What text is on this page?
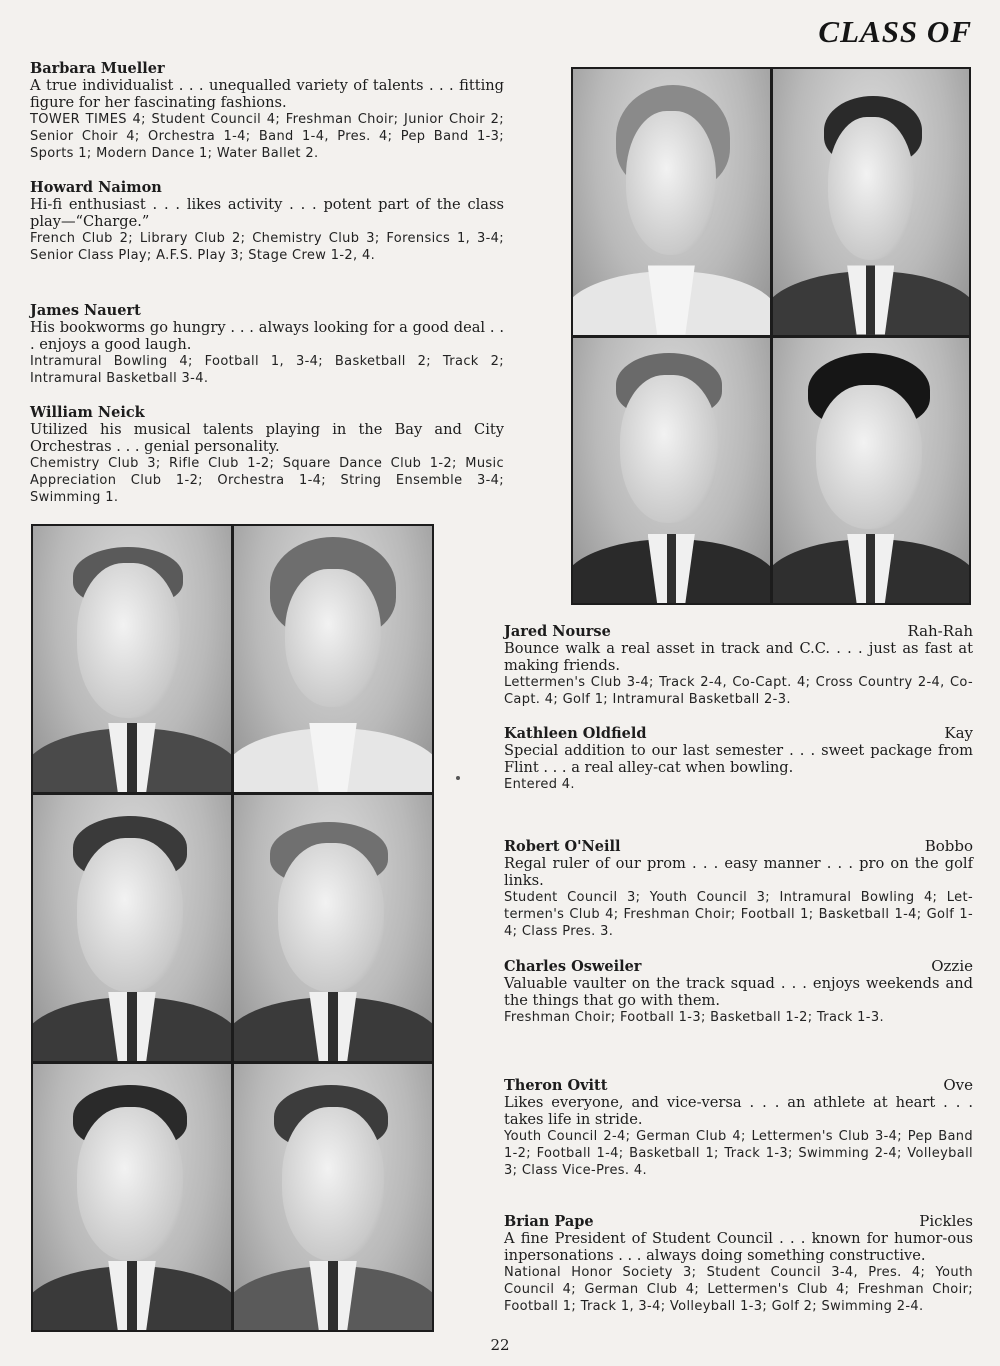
CLASS OF
Barbara Mueller
A true individualist . . . unequalled variety of talents . . . fitting figure for her fascinating fashions.
TOWER TIMES 4; Student Council 4; Freshman Choir; Junior Choir 2; Senior Choir 4; Orchestra 1-4; Band 1-4, Pres. 4; Pep Band 1-3; Sports 1; Modern Dance 1; Water Ballet 2.
Howard Naimon
Hi-fi enthusiast . . . likes activity . . . potent part of the class play—“Charge.”
French Club 2; Library Club 2; Chemistry Club 3; Forensics 1, 3-4; Senior Class Play; A.F.S. Play 3; Stage Crew 1-2, 4.
James Nauert
His bookworms go hungry . . . always looking for a good deal . . . enjoys a good laugh.
Intramural Bowling 4; Football 1, 3-4; Basketball 2; Track 2; Intramural Basketball 3-4.
William Neick
Utilized his musical talents playing in the Bay and City Orchestras . . . genial personality.
Chemistry Club 3; Rifle Club 1-2; Square Dance Club 1-2; Music Appreciation Club 1-2; Orchestra 1-4; String Ensemble 3-4; Swimming 1.
Jared Nourse	Rah-Rah
Bounce walk a real asset in track and C.C. . . . just as fast at making friends.
Lettermen's Club 3-4; Track 2-4, Co-Capt. 4; Cross Country 2-4, Co-Capt. 4; Golf 1; Intramural Basketball 2-3.
Kathleen Oldfield	Kay
Special addition to our last semester . . . sweet package from Flint . . . a real alley-cat when bowling.
Entered 4.
Robert O'Neill	Bobbo
Regal ruler of our prom . . . easy manner . . . pro on the golf links.
Student Council 3; Youth Council 3; Intramural Bowling 4; Let-termen's Club 4; Freshman Choir; Football 1; Basketball 1-4; Golf 1-4; Class Pres. 3.
Charles Osweiler	Ozzie
Valuable vaulter on the track squad . . . enjoys weekends and the things that go with them.
Freshman Choir; Football 1-3; Basketball 1-2; Track 1-3.
Theron Ovitt	Ove
Likes everyone, and vice-versa . . . an athlete at heart . . . takes life in stride.
Youth Council 2-4; German Club 4; Lettermen's Club 3-4; Pep Band 1-2; Football 1-4; Basketball 1; Track 1-3; Swimming 2-4; Volleyball 3; Class Vice-Pres. 4.
Brian Pape	Pickles
A fine President of Student Council . . . known for humor-ous inpersonations . . . always doing something constructive.
National Honor Society 3; Student Council 3-4, Pres. 4; Youth Council 4; German Club 4; Lettermen's Club 4; Freshman Choir; Football 1; Track 1, 3-4; Volleyball 1-3; Golf 2; Swimming 2-4.
22
